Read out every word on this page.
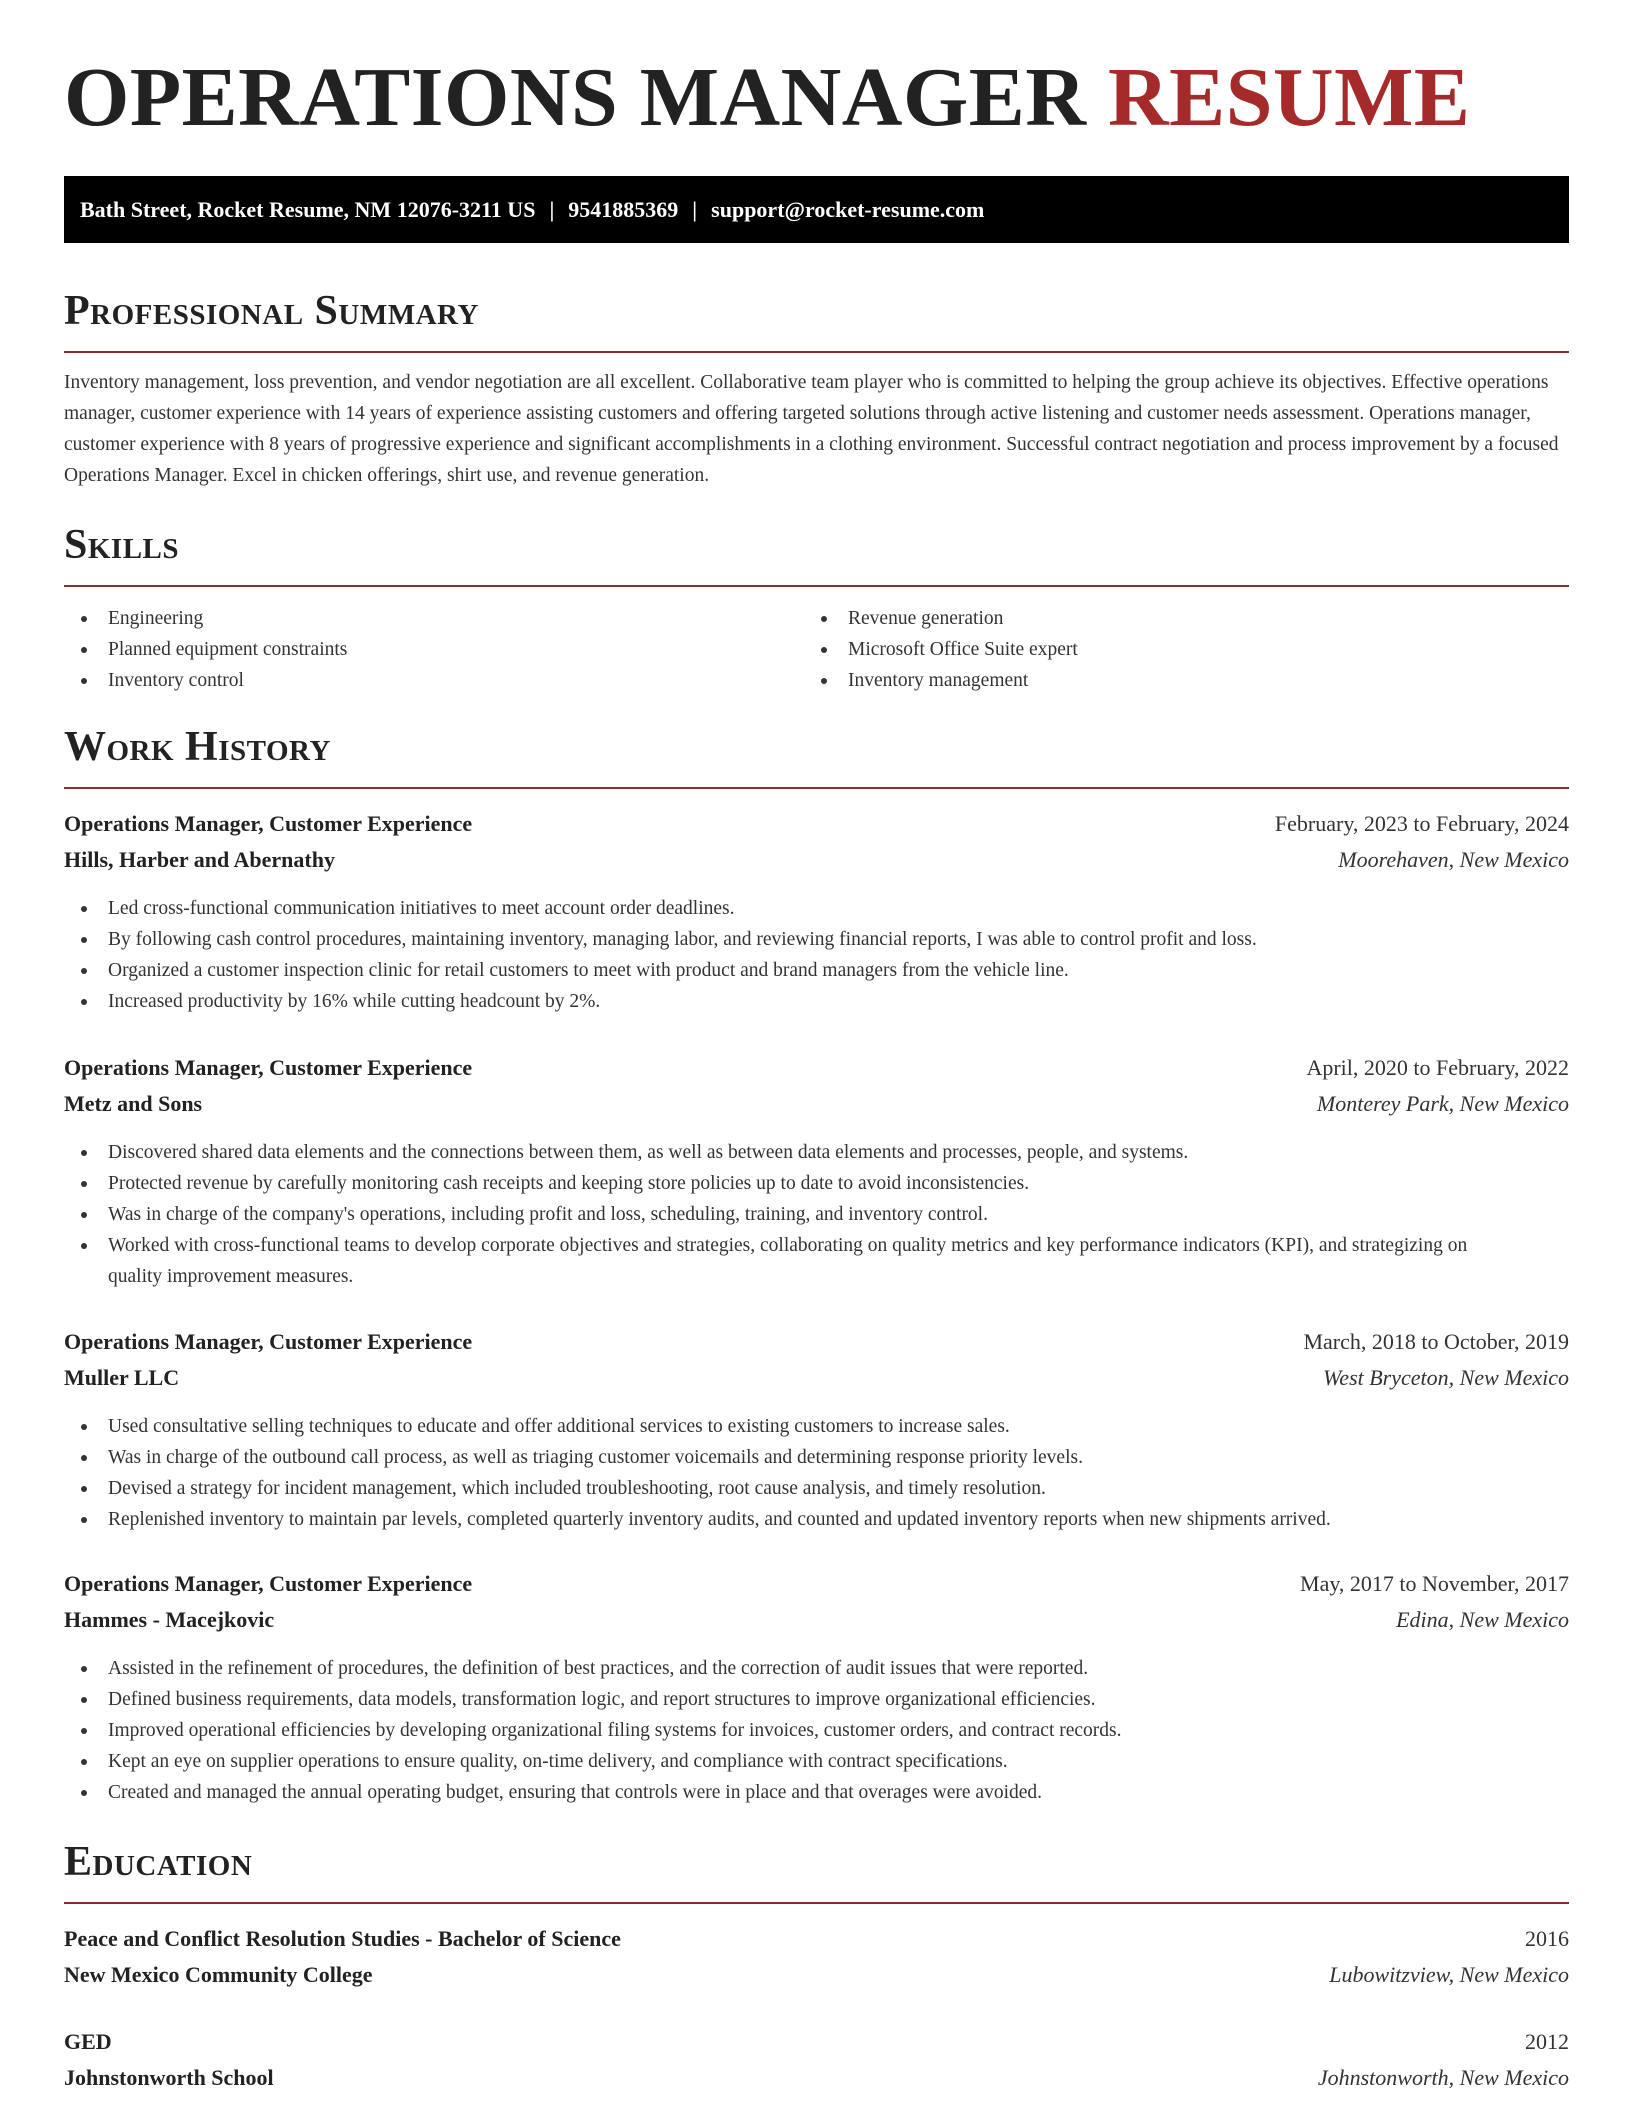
OPERATIONS MANAGER RESUME
Bath Street, Rocket Resume, NM 12076-3211 US | 9541885369 | support@rocket-resume.com
Professional Summary

Inventory management, loss prevention, and vendor negotiation are all excellent. Collaborative team player who is committed to helping the group achieve its objectives. Effective operations manager, customer experience with 14 years of experience assisting customers and offering targeted solutions through active listening and customer needs assessment. Operations manager, customer experience with 8 years of progressive experience and significant accomplishments in a clothing environment. Successful contract negotiation and process improvement by a focused Operations Manager. Excel in chicken offerings, shirt use, and revenue generation.

Skills
Engineering
Planned equipment constraints
Inventory control
Revenue generation
Microsoft Office Suite expert
Inventory management
Work History
Operations Manager, Customer Experience	February, 2023 to February, 2024
Hills, Harber and Abernathy	Moorehaven, New Mexico
Led cross-functional communication initiatives to meet account order deadlines.
By following cash control procedures, maintaining inventory, managing labor, and reviewing financial reports, I was able to control profit and loss.
Organized a customer inspection clinic for retail customers to meet with product and brand managers from the vehicle line.
Increased productivity by 16% while cutting headcount by 2%.
Operations Manager, Customer Experience	April, 2020 to February, 2022
Metz and Sons	Monterey Park, New Mexico
Discovered shared data elements and the connections between them, as well as between data elements and processes, people, and systems.
Protected revenue by carefully monitoring cash receipts and keeping store policies up to date to avoid inconsistencies.
Was in charge of the company's operations, including profit and loss, scheduling, training, and inventory control.
Worked with cross-functional teams to develop corporate objectives and strategies, collaborating on quality metrics and key performance indicators (KPI), and strategizing on quality improvement measures.
Operations Manager, Customer Experience	March, 2018 to October, 2019
Muller LLC	West Bryceton, New Mexico
Used consultative selling techniques to educate and offer additional services to existing customers to increase sales.
Was in charge of the outbound call process, as well as triaging customer voicemails and determining response priority levels.
Devised a strategy for incident management, which included troubleshooting, root cause analysis, and timely resolution.
Replenished inventory to maintain par levels, completed quarterly inventory audits, and counted and updated inventory reports when new shipments arrived.
Operations Manager, Customer Experience	May, 2017 to November, 2017
Hammes - Macejkovic	Edina, New Mexico
Assisted in the refinement of procedures, the definition of best practices, and the correction of audit issues that were reported.
Defined business requirements, data models, transformation logic, and report structures to improve organizational efficiencies.
Improved operational efficiencies by developing organizational filing systems for invoices, customer orders, and contract records.
Kept an eye on supplier operations to ensure quality, on-time delivery, and compliance with contract specifications.
Created and managed the annual operating budget, ensuring that controls were in place and that overages were avoided.
Education
Peace and Conflict Resolution Studies - Bachelor of Science	2016
New Mexico Community College	Lubowitzview, New Mexico
GED	2012
Johnstonworth School	Johnstonworth, New Mexico
